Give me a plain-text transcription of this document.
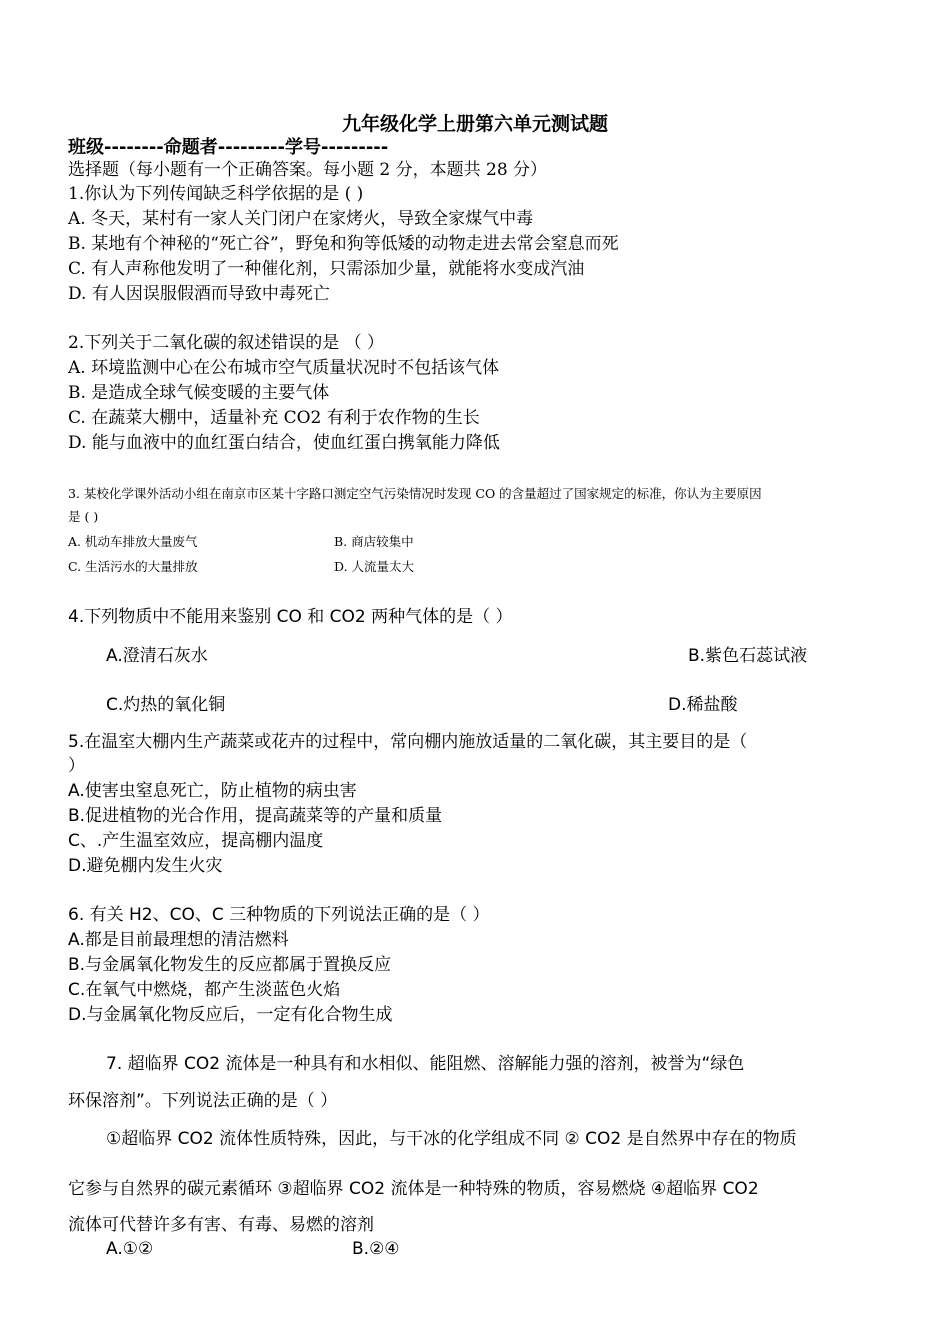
九年级化学上册第六单元测试题
班级--------命题者---------学号---------
选择题（每小题有一个正确答案。每小题 2 分，本题共 28 分）
1.你认为下列传闻缺乏科学依据的是 ( )
A. 冬天，某村有一家人关门闭户在家烤火，导致全家煤气中毒
B. 某地有个神秘的“死亡谷”，野兔和狗等低矮的动物走进去常会窒息而死
C. 有人声称他发明了一种催化剂，只需添加少量，就能将水变成汽油
D. 有人因误服假酒而导致中毒死亡
2.下列关于二氧化碳的叙述错误的是 （ ）
A. 环境监测中心在公布城市空气质量状况时不包括该气体
B. 是造成全球气候变暖的主要气体
C. 在蔬菜大棚中，适量补充 CO2 有利于农作物的生长
D. 能与血液中的血红蛋白结合，使血红蛋白携氧能力降低
3. 某校化学课外活动小组在南京市区某十字路口测定空气污染情况时发现 CO 的含量超过了国家规定的标准，你认为主要原因
是 ( )
A. 机动车排放大量废气	B. 商店较集中
C. 生活污水的大量排放	D. 人流量太大
4.下列物质中不能用来鉴别 CO 和 CO2 两种气体的是（ ）
A.澄清石灰水	B.紫色石蕊试液
C.灼热的氧化铜	D.稀盐酸
5.在温室大棚内生产蔬菜或花卉的过程中，常向棚内施放适量的二氧化碳，其主要目的是（
）
A.使害虫窒息死亡，防止植物的病虫害
B.促进植物的光合作用，提高蔬菜等的产量和质量
C、.产生温室效应，提高棚内温度
D.避免棚内发生火灾
6. 有关 H2、CO、C 三种物质的下列说法正确的是（ ）
A.都是目前最理想的清洁燃料
B.与金属氧化物发生的反应都属于置换反应
C.在氧气中燃烧，都产生淡蓝色火焰
D.与金属氧化物反应后，一定有化合物生成
7. 超临界 CO2 流体是一种具有和水相似、能阻燃、溶解能力强的溶剂，被誉为“绿色
环保溶剂”。下列说法正确的是（ ）
①超临界 CO2 流体性质特殊，因此，与干冰的化学组成不同 ② CO2 是自然界中存在的物质
它参与自然界的碳元素循环 ③超临界 CO2 流体是一种特殊的物质，容易燃烧 ④超临界 CO2
流体可代替许多有害、有毒、易燃的溶剂
A.①②	B.②④
